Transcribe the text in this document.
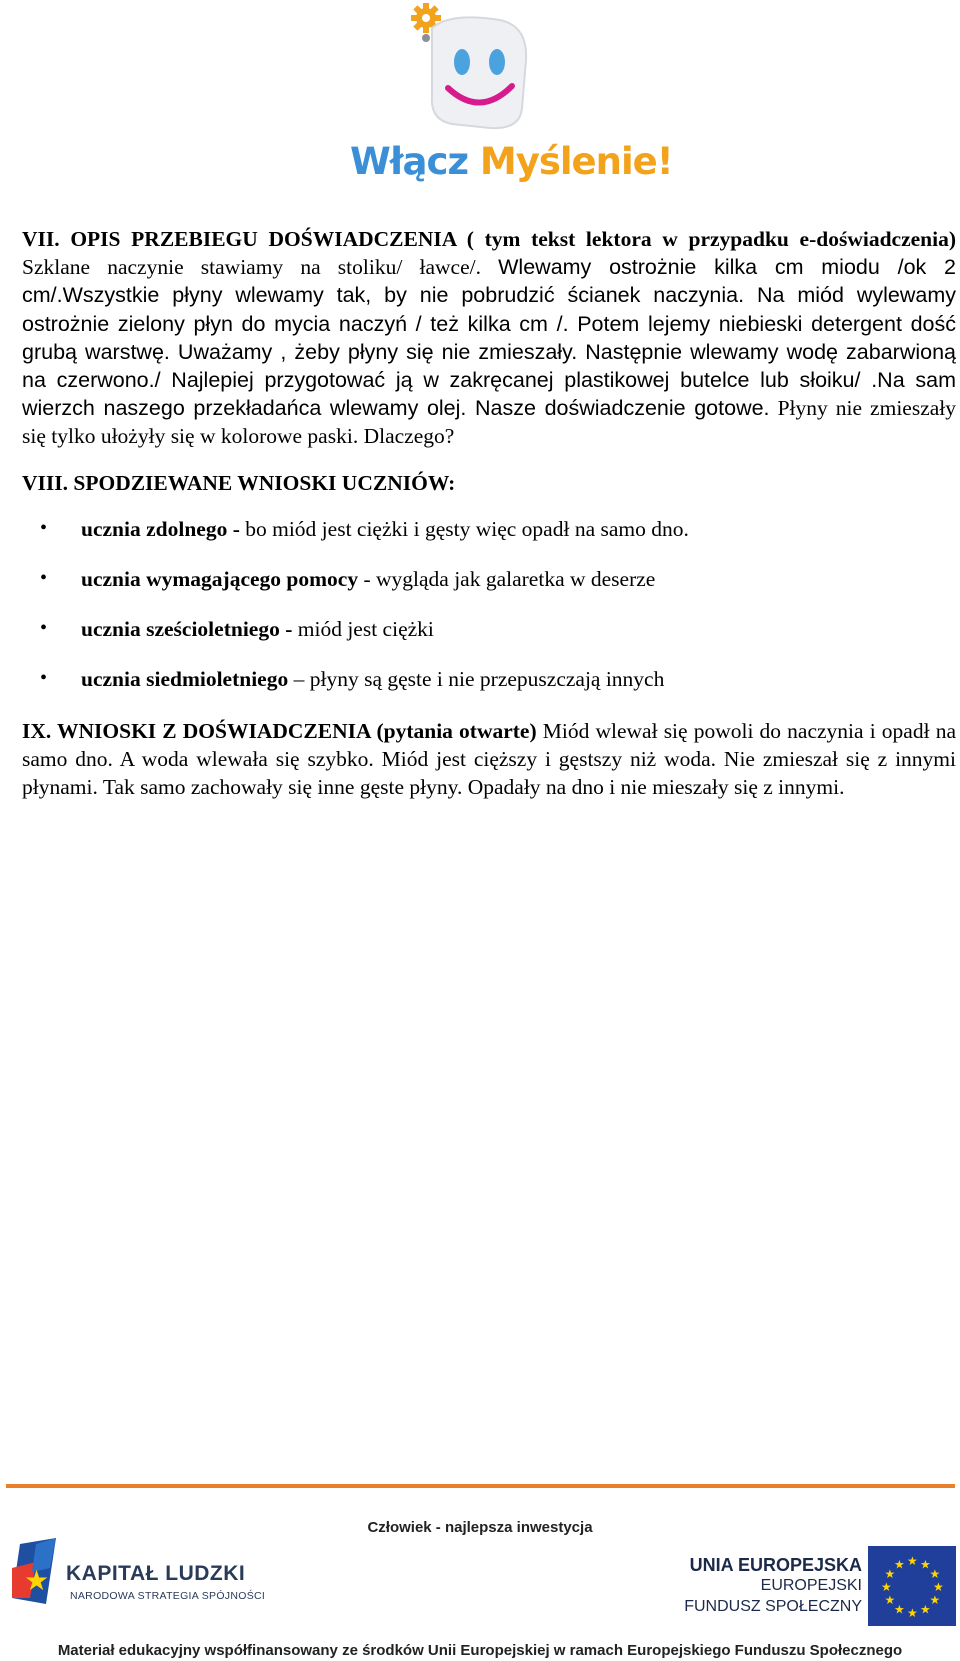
Włącz Myślenie!

VII. OPIS PRZEBIEGU DOŚWIADCZENIA ( tym tekst lektora w przypadku e-doświadczenia) Szklane naczynie stawiamy na stoliku/ ławce/. Wlewamy ostrożnie kilka cm miodu /ok 2 cm/.Wszystkie płyny wlewamy tak, by nie pobrudzić ścianek naczynia. Na miód wylewamy ostrożnie zielony płyn do mycia naczyń / też kilka cm /. Potem lejemy niebieski detergent dość grubą warstwę. Uważamy , żeby płyny się nie zmieszały. Następnie wlewamy wodę zabarwioną na czerwono./ Najlepiej przygotować ją w zakręcanej plastikowej butelce lub słoiku/ .Na sam wierzch naszego przekładańca wlewamy olej. Nasze doświadczenie gotowe. Płyny nie zmieszały się tylko ułożyły się w kolorowe paski. Dlaczego?

VIII. SPODZIEWANE WNIOSKI UCZNIÓW:
• ucznia zdolnego - bo miód jest ciężki i gęsty więc opadł na samo dno.
• ucznia wymagającego pomocy - wygląda jak galaretka w deserze
• ucznia sześcioletniego - miód jest ciężki
• ucznia siedmioletniego – płyny są gęste i nie przepuszczają innych

IX. WNIOSKI Z DOŚWIADCZENIA (pytania otwarte) Miód wlewał się powoli do naczynia i opadł na samo dno. A woda wlewała się szybko. Miód jest cięższy i gęstszy niż woda. Nie zmieszał się z innymi płynami. Tak samo zachowały się inne gęste płyny. Opadały na dno i nie mieszały się z innymi.

Człowiek - najlepsza inwestycja
★ KAPITAŁ LUDZKI
NARODOWA STRATEGIA SPÓJNOŚCI
UNIA EUROPEJSKA
EUROPEJSKI
FUNDUSZ SPOŁECZNY
★ ★
★
★
★
★
★
★
★
★
★
★
Materiał edukacyjny współfinansowany ze środków Unii Europejskiej w ramach Europejskiego Funduszu Społecznego
